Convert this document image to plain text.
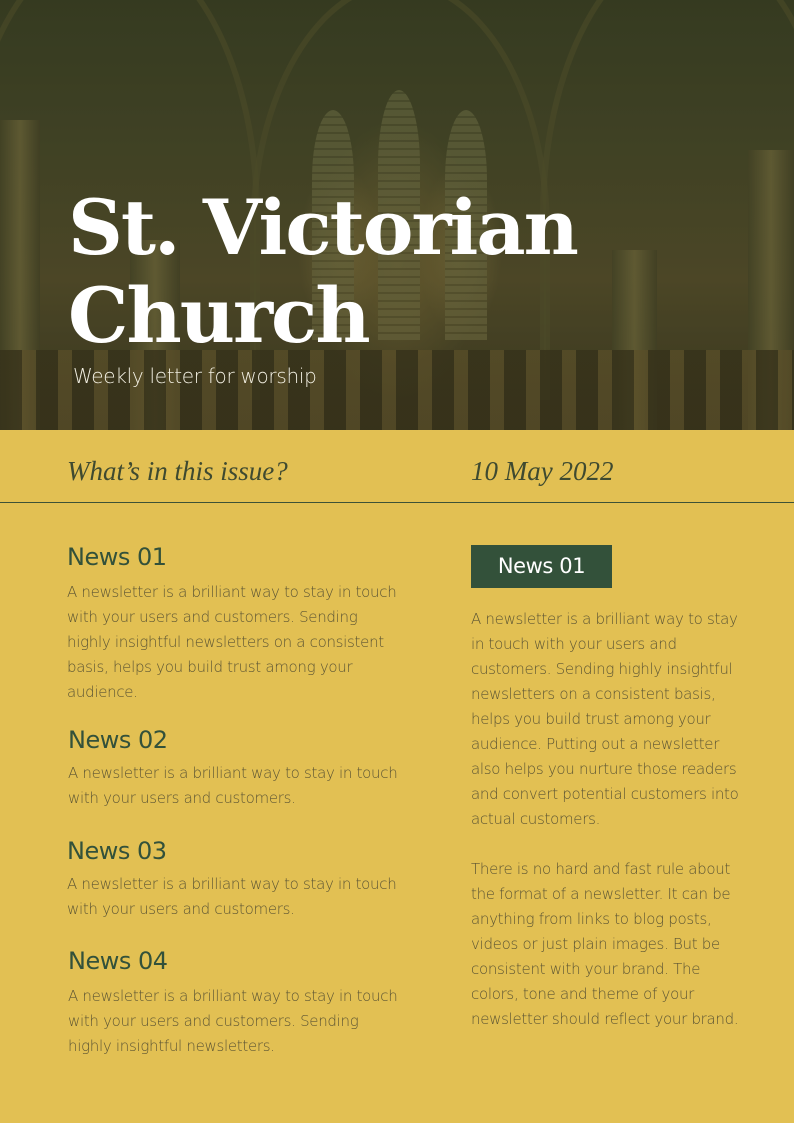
St. Victorian
Church
Weekly letter for worship
What’s in this issue?	10 May 2022
News 01
A newsletter is a brilliant way to stay in touch with your users and customers. Sending highly insightful newsletters on a consistent basis, helps you build trust among your audience.
News 02
A newsletter is a brilliant way to stay in touch with your users and customers.
News 03
A newsletter is a brilliant way to stay in touch with your users and customers.
News 04
A newsletter is a brilliant way to stay in touch with your users and customers. Sending highly insightful newsletters.
News 01
A newsletter is a brilliant way to stay in touch with your users and customers. Sending highly insightful newsletters on a consistent basis, helps you build trust among your audience. Putting out a newsletter also helps you nurture those readers and convert potential customers into actual customers.
There is no hard and fast rule about the format of a newsletter. It can be anything from links to blog posts, videos or just plain images. But be consistent with your brand. The colors, tone and theme of your newsletter should reflect your brand.
